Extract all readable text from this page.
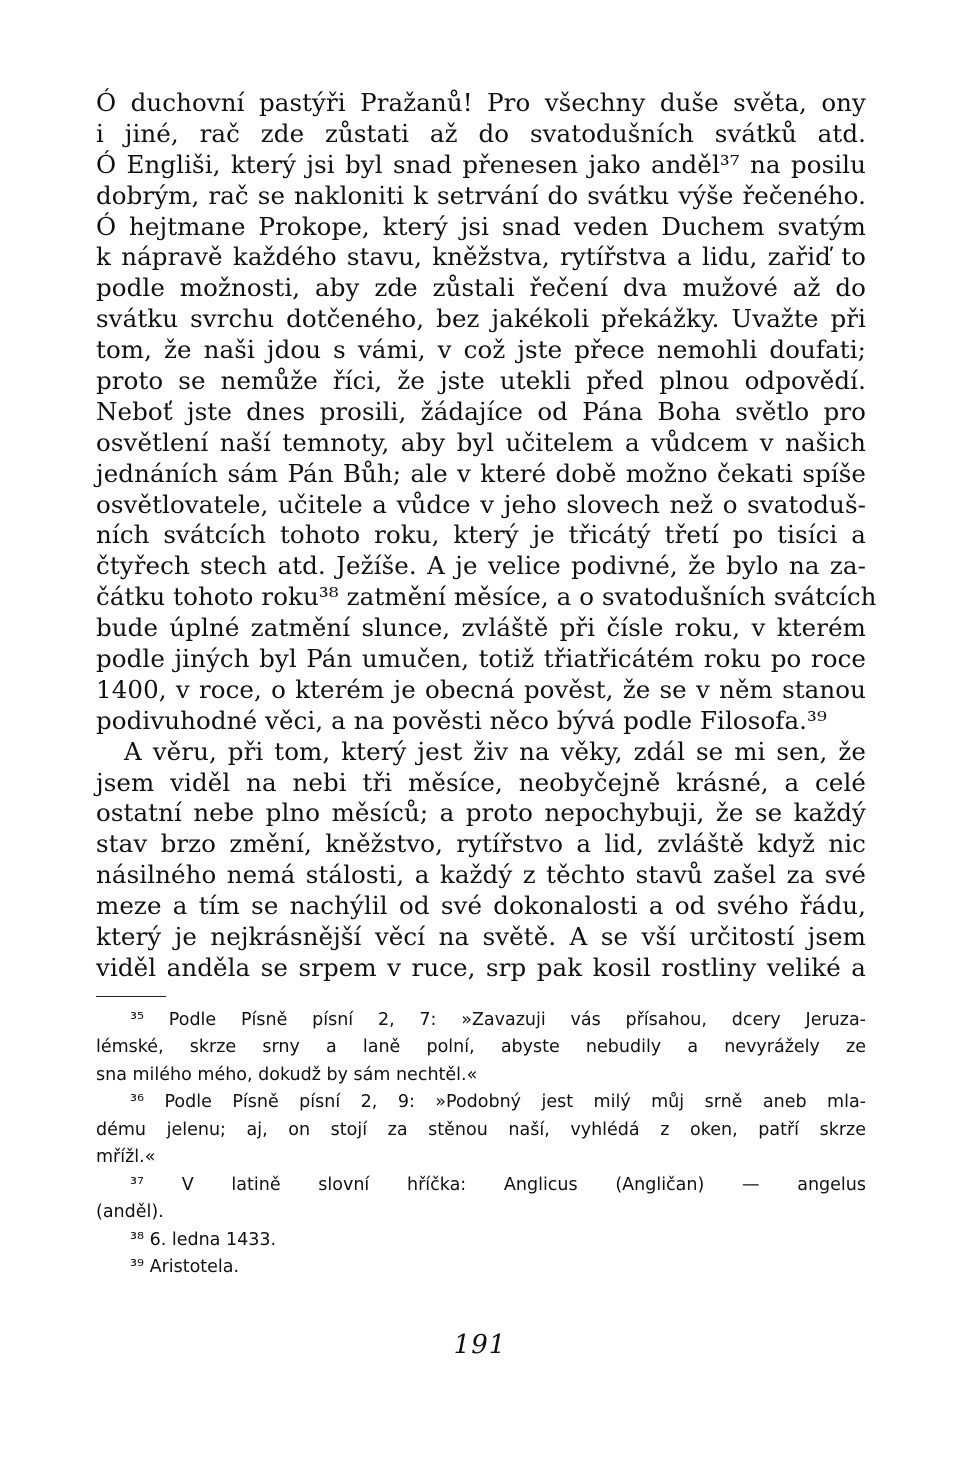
Ó duchovní pastýři Pražanů! Pro všechny duše světa, ony
i jiné, rač zde zůstati až do svatodušních svátků atd.
Ó Engliši, který jsi byl snad přenesen jako anděl³⁷ na posilu
dobrým, rač se nakloniti k setrvání do svátku výše řečeného.
Ó hejtmane Prokope, který jsi snad veden Duchem svatým
k nápravě každého stavu, kněžstva, rytířstva a lidu, zařiď to
podle možnosti, aby zde zůstali řečení dva mužové až do
svátku svrchu dotčeného, bez jakékoli překážky. Uvažte při
tom, že naši jdou s vámi, v což jste přece nemohli doufati;
proto se nemůže říci, že jste utekli před plnou odpovědí.
Neboť jste dnes prosili, žádajíce od Pána Boha světlo pro
osvětlení naší temnoty, aby byl učitelem a vůdcem v našich
jednáních sám Pán Bůh; ale v které době možno čekati spíše
osvětlovatele, učitele a vůdce v jeho slovech než o svatoduš-
ních svátcích tohoto roku, který je třicátý třetí po tisíci a
čtyřech stech atd. Ježíše. A je velice podivné, že bylo na za-
čátku tohoto roku³⁸ zatmění měsíce, a o svatodušních svátcích
bude úplné zatmění slunce, zvláště při čísle roku, v kterém
podle jiných byl Pán umučen, totiž třiatřicátém roku po roce
1400, v roce, o kterém je obecná pověst, že se v něm stanou
podivuhodné věci, a na pověsti něco bývá podle Filosofa.³⁹
A věru, při tom, který jest živ na věky, zdál se mi sen, že
jsem viděl na nebi tři měsíce, neobyčejně krásné, a celé
ostatní nebe plno měsíců; a proto nepochybuji, že se každý
stav brzo změní, kněžstvo, rytířstvo a lid, zvláště když nic
násilného nemá stálosti, a každý z těchto stavů zašel za své
meze a tím se nachýlil od své dokonalosti a od svého řádu,
který je nejkrásnější věcí na světě. A se vší určitostí jsem
viděl anděla se srpem v ruce, srp pak kosil rostliny veliké a
³⁵ Podle Písně písní 2, 7: »Zavazuji vás přísahou, dcery Jeruza-
lémské, skrze srny a laně polní, abyste nebudily a nevyrážely ze
sna milého mého, dokudž by sám nechtěl.«
³⁶ Podle Písně písní 2, 9: »Podobný jest milý můj srně aneb mla-
dému jelenu; aj, on stojí za stěnou naší, vyhlédá z oken, patří skrze
mřížl.«
³⁷ V latině slovní hříčka: Anglicus (Angličan) — angelus
(anděl).
³⁸ 6. ledna 1433.
³⁹ Aristotela.
191
